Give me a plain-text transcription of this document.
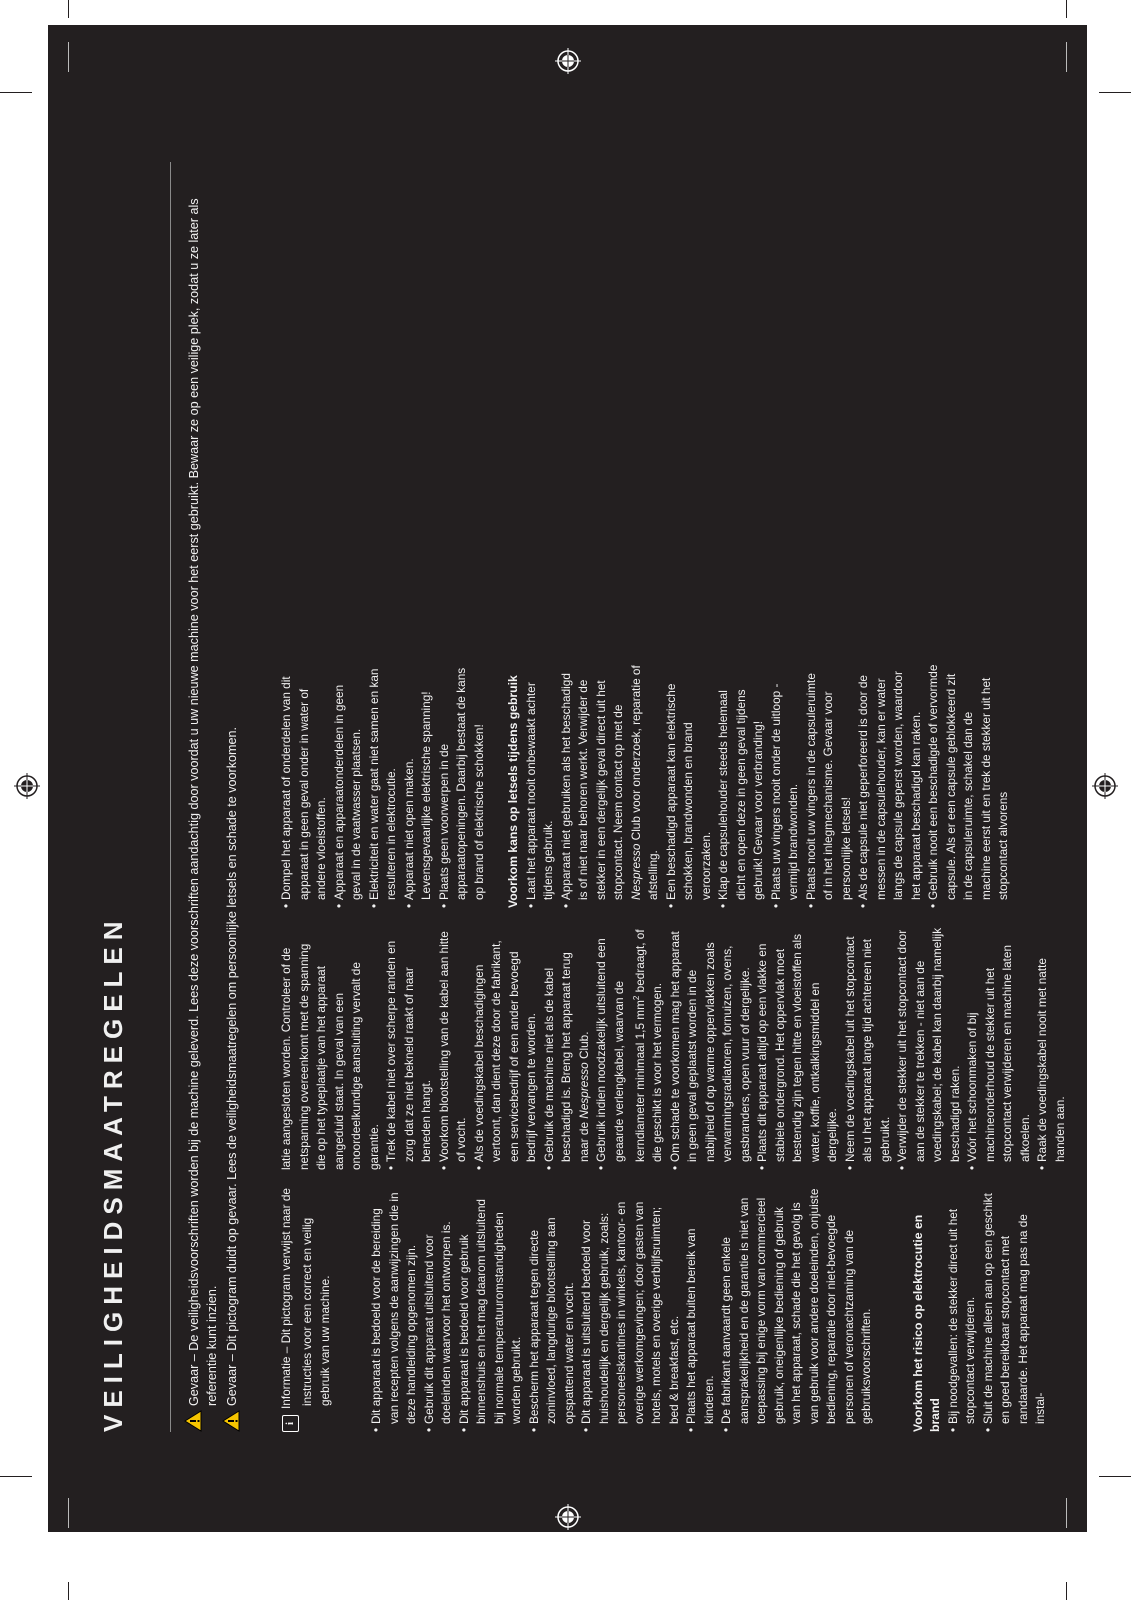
VEILIGHEIDSMAATREGELEN	Gevaar – De veiligheidsvoorschriften worden bij de machine geleverd. Lees deze voorschriften aandachtig door voordat u uw nieuwe machine voor het eerst gebruikt. Bewaar ze op een veilige plek, zodat u ze later als referentie kunt inzien. Gevaar – Dit pictogram duidt op gevaar. Lees de veiligheidsmaatregelen om persoonlijke letsels en schade te voorkomen.

iInformatie – Dit pictogram verwijst naar de instructies voor een correct en veilig gebruik van uw machine.	• Dit apparaat is bedoeld voor de bereiding van recepten volgens de aanwijzingen die in deze handleiding opgenomen zijn. • Gebruik dit apparaat uitsluitend voor doeleinden waarvoor het ontworpen is. • Dit apparaat is bedoeld voor gebruik binnenshuis en het mag daarom uitsluitend bij normale temperatuuromstandigheden worden gebruikt. • Bescherm het apparaat tegen directe zoninvloed, langdurige blootstelling aan opspattend water en vocht. • Dit apparaat is uitsluitend bedoeld voor huishoudelijk en dergelijk gebruik, zoals: personeelskantines in winkels, kantoor- en overige werkomgevingen; door gasten van hotels, motels en overige verblijfsruimten; bed & breakfast, etc. • Plaats het apparaat buiten bereik van kinderen. • De fabrikant aanvaardt geen enkele aansprakelijkheid en de garantie is niet van toepassing bij enige vorm van commercieel gebruik, oneigenlijke bediening of gebruik van het apparaat, schade die het gevolg is van gebruik voor andere doeleinden, onjuiste bediening, reparatie door niet-bevoegde personen of veronachtzaming van de gebruiksvoorschriften.	Voorkom het risico op elektrocutie en brand • Bij noodgevallen: de stekker direct uit het stopcontact verwijderen. • Sluit de machine alleen aan op een geschikt en goed bereikbaar stopcontact met randaarde. Het apparaat mag pas na de instal-

latie aangesloten worden. Controleer of de netspanning overeenkomt met de spanning die op het typeplaatje van het apparaat aangeduid staat. In geval van een onoordeelkundige aansluiting vervalt de garantie. • Trek de kabel niet over scherpe randen en zorg dat ze niet bekneld raakt of naar beneden hangt. • Voorkom blootstelling van de kabel aan hitte of vocht. • Als de voedingskabel beschadigingen vertoont, dan dient deze door de fabrikant, een servicebedrijf of een ander bevoegd bedrijf vervangen te worden. • Gebruik de machine niet als de kabel beschadigd is. Breng het apparaat terug naar de Nespresso Club. • Gebruik indien noodzakelijk uitsluitend een geaarde verlengkabel, waarvan de kerndiameter minimaal 1,5 $mm^2$ bedraagt, of die geschikt is voor het vermogen. • Om schade te voorkomen mag het apparaat in geen geval geplaatst worden in de nabijheid of op warme oppervlakken zoals verwarmingsradiatoren, fornuizen, ovens, gasbranders, open vuur of dergelijke. • Plaats dit apparaat altijd op een vlakke en stabiele ondergrond. Het oppervlak moet bestendig zijn tegen hitte en vloeistoffen als water, koffie, ontkalkingsmiddel en dergelijke. • Neem de voedingskabel uit het stopcontact als u het apparaat lange tijd achtereen niet gebruikt. • Verwijder de stekker uit het stopcontact door aan de stekker te trekken - niet aan de voedingskabel; de kabel kan daarbij namelijk beschadigd raken. • Vóór het schoonmaken of bij machineonderhoud de stekker uit het stopcontact verwijderen en machine laten afkoelen. • Raak de voedingskabel nooit met natte handen aan.

• Dompel het apparaat of onderdelen van dit apparaat in geen geval onder in water of andere vloeistoffen. • Apparaat en apparaatonderdelen in geen geval in de vaatwasser plaatsen. • Elektriciteit en water gaat niet samen en kan resulteren in elektrocutie. • Apparaat niet open maken. Levensgevaarlijke elektrische spanning! • Plaats geen voorwerpen in de apparaatopeningen. Daarbij bestaat de kans op brand of elektrische schokken! Voorkom kans op letsels tijdens gebruik • Laat het apparaat nooit onbewaakt achter tijdens gebruik. • Apparaat niet gebruiken als het beschadigd is of niet naar behoren werkt. Verwijder de stekker in een dergelijk geval direct uit het stopcontact. Neem contact op met de Nespresso Club voor onderzoek, reparatie of afstelling. • Een beschadigd apparaat kan elektrische schokken, brandwonden en brand veroorzaken. • Klap de capsulehouder steeds helemaal dicht en open deze in geen geval tijdens gebruik! Gevaar voor verbranding! • Plaats uw vingers nooit onder de uitloop - vermijd brandwonden. • Plaats nooit uw vingers in de capsuleruimte of in het inlegmechanisme. Gevaar voor persoonlijke letsels! • Als de capsule niet geperforeerd is door de messen in de capsulehouder, kan er water langs de capsule geperst worden, waardoor het apparaat beschadigd kan raken. • Gebruik nooit een beschadigde of vervormde capsule. Als er een capsule geblokkeerd zit in de capsuleruimte, schakel dan de machine eerst uit en trek de stekker uit het stopcontact alvorens
